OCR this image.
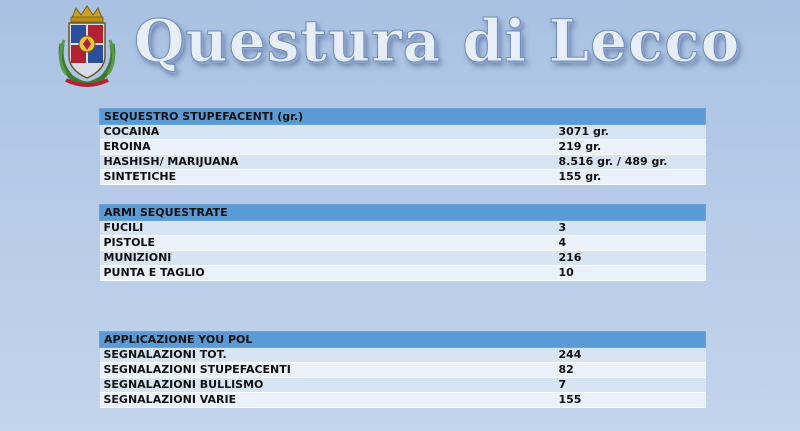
Questura di Lecco
SEQUESTRO STUPEFACENTI (gr.)	
COCAINA	3071 gr.
EROINA	219 gr.
HASHISH/ MARIJUANA	8.516 gr. / 489 gr.
SINTETICHE	155 gr.
ARMI SEQUESTRATE	
FUCILI	3
PISTOLE	4
MUNIZIONI	216
PUNTA E TAGLIO	10
APPLICAZIONE YOU POL	
SEGNALAZIONI TOT.	244
SEGNALAZIONI STUPEFACENTI	82
SEGNALAZIONI BULLISMO	7
SEGNALAZIONI VARIE	155
